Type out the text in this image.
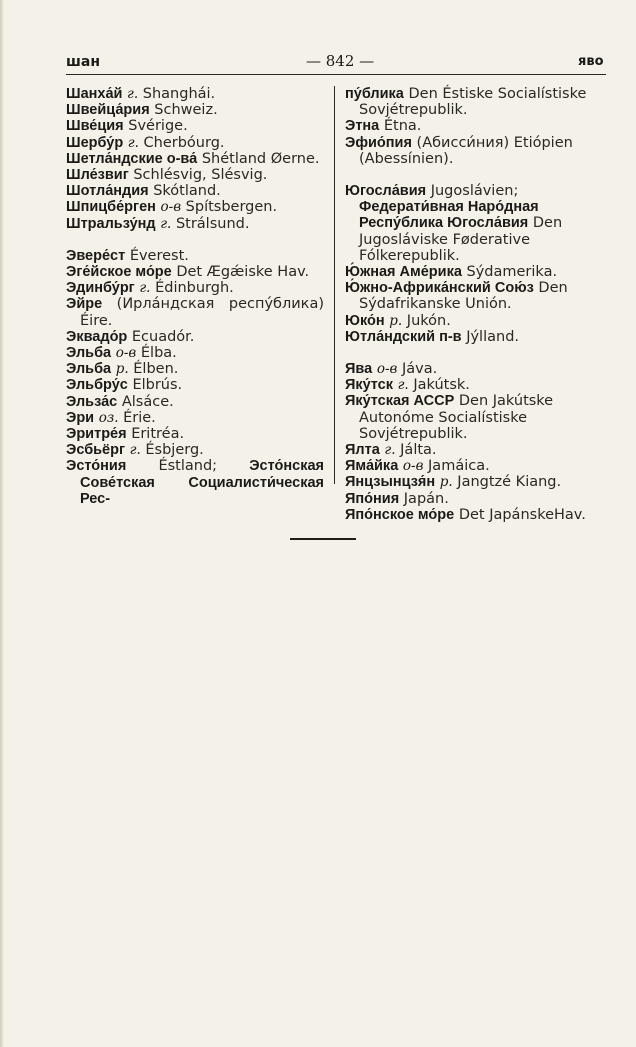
шан	— 842 —	яво

Шанха́й г. Shanghái.

Швейца́рия Schweiz.

Шве́ция Svérige.

Шербу́р г. Cherbóurg.

Шетла́ндские о-ва́ Shétland Øerne.

Шле́звиг Schlésvig, Slésvig.

Шотла́ндия Skótland.

Шпицбе́рген о-в Spítsbergen.

Штральзу́нд г. Strálsund.

Эвере́ст Éverest.

Эге́йское мо́ре Det Ægǽiske Hav.

Эдинбу́рг г. Édinburgh.

Эйре (Ирла́ндская респу́блика) Éire.

Эквадо́р Ecuadór.

Эльба о-в Élba.

Эльба р. Élben.

Эльбру́с Elbrús.

Эльза́с Alsáce.

Эри оз. Érie.

Эритре́я Eritréa.

Эсбьёрг г. Ésbjerg.

Эсто́ния Éstland; Эсто́нская Сове́тская Социалисти́ческая Рес-

пу́блика Den Éstiske Socialístiske Sovjétrepublik.

Этна Étna.

Эфио́пия (Абисси́ния) Etiópien (Abessínien).

Югосла́вия Jugoslávien; Федерати́вная Наро́дная Респу́блика Югосла́вия Den Jugosláviske Føderative Fólkerepublik.

Ю́жная Аме́рика Sýdamerika.

Ю́жно-Африка́нский Сою́з Den Sýdafrikanske Unión.

Юко́н р. Jukón.

Ютла́ндский п-в Jýlland.

Ява о-в Jáva.

Яку́тск г. Jakútsk.

Яку́тская АССР Den Jakútske Autonóme Socialístiske Sovjétrepublik.

Ялта г. Jálta.

Яма́йка о-в Jamáica.

Янцзынцзя́н р. Jangtzé Kiang.

Япо́ния Japán.

Япо́нское мо́ре Det JapánskeHav.
